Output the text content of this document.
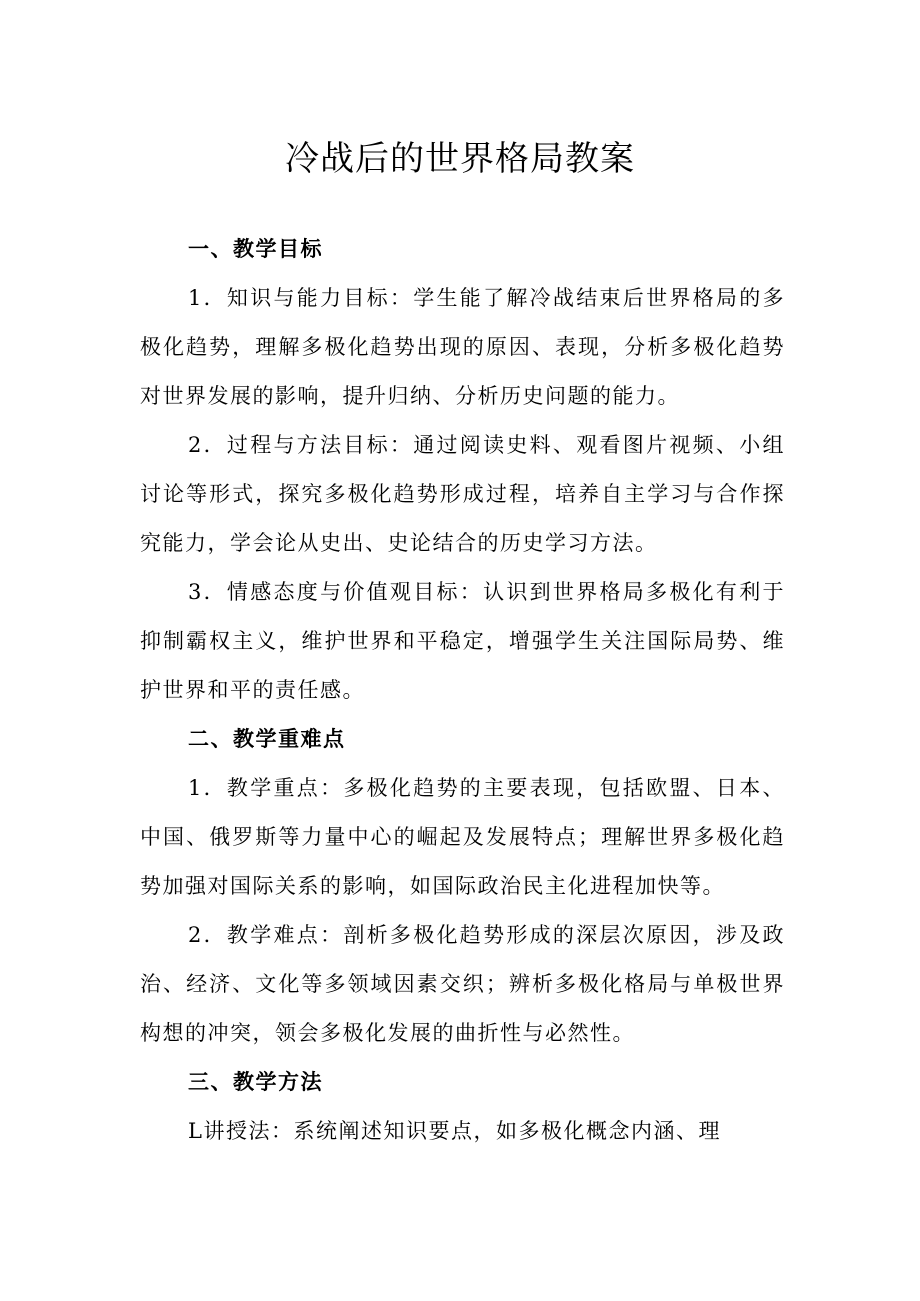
冷战后的世界格局教案
一、教学目标

1．知识与能力目标：学生能了解冷战结束后世界格局的多极化趋势，理解多极化趋势出现的原因、表现，分析多极化趋势对世界发展的影响，提升归纳、分析历史问题的能力。

2．过程与方法目标：通过阅读史料、观看图片视频、小组讨论等形式，探究多极化趋势形成过程，培养自主学习与合作探究能力，学会论从史出、史论结合的历史学习方法。

3．情感态度与价值观目标：认识到世界格局多极化有利于抑制霸权主义，维护世界和平稳定，增强学生关注国际局势、维护世界和平的责任感。

二、教学重难点

1．教学重点：多极化趋势的主要表现，包括欧盟、日本、中国、俄罗斯等力量中心的崛起及发展特点；理解世界多极化趋势加强对国际关系的影响，如国际政治民主化进程加快等。

2．教学难点：剖析多极化趋势形成的深层次原因，涉及政治、经济、文化等多领域因素交织；辨析多极化格局与单极世界构想的冲突，领会多极化发展的曲折性与必然性。

三、教学方法

L讲授法：系统阐述知识要点，如多极化概念内涵、理
